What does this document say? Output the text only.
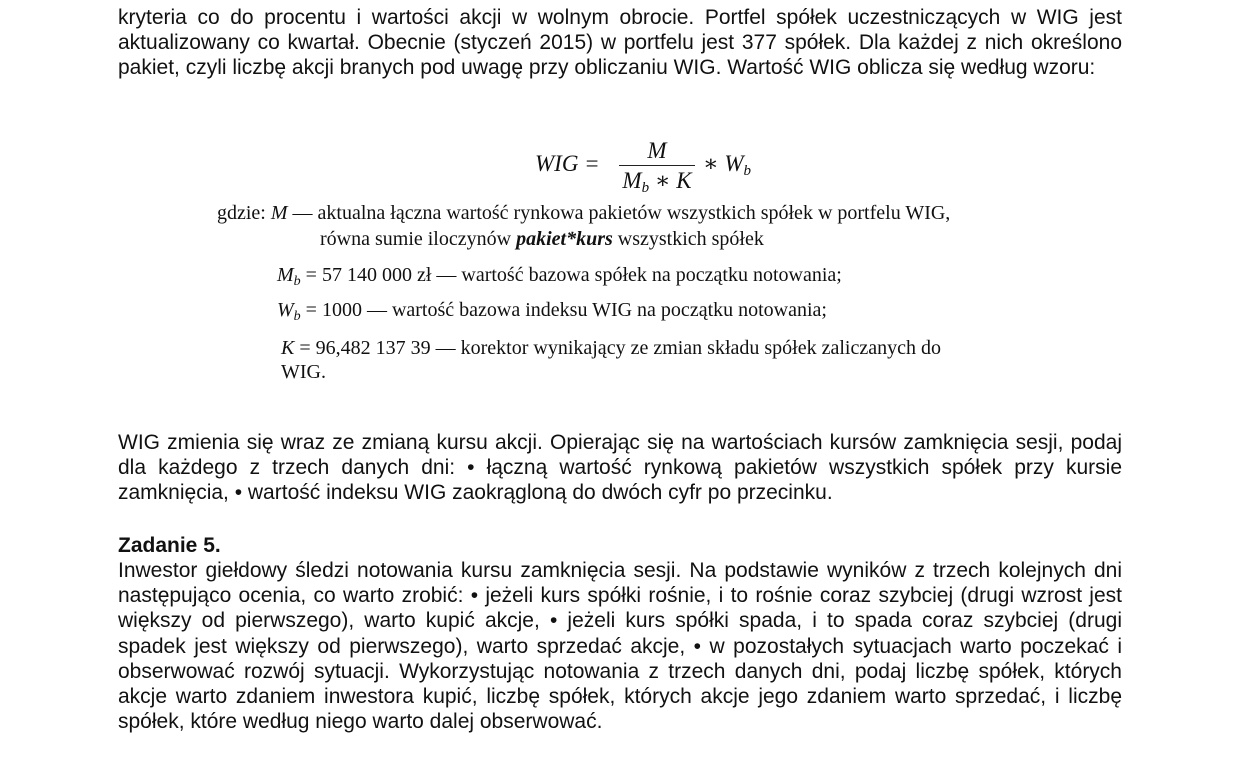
kryteria co do procentu i wartości akcji w wolnym obrocie. Portfel spółek uczestniczących w WIG jest aktualizowany co kwartał. Obecnie (styczeń 2015) w portfelu jest 377 spółek. Dla każdej z nich określono pakiet, czyli liczbę akcji branych pod uwagę przy obliczaniu WIG. Wartość WIG oblicza się według wzoru:
WIG =
M
$M_b$ ∗ K
∗ $W_b$
gdzie: M — aktualna łączna wartość rynkowa pakietów wszystkich spółek w portfelu WIG,
równa sumie iloczynów pakiet*kurs wszystkich spółek
$M_b = 57$ 140 000 zł — wartość bazowa spółek na początku notowania;
$W_b = 1000$ — wartość bazowa indeksu WIG na początku notowania;
K = 96,482 137 39 — korektor wynikający ze zmian składu spółek zaliczanych do
WIG.
WIG zmienia się wraz ze zmianą kursu akcji. Opierając się na wartościach kursów zamknięcia sesji, podaj dla każdego z trzech danych dni: • łączną wartość rynkową pakietów wszystkich spółek przy kursie zamknięcia, • wartość indeksu WIG zaokrągloną do dwóch cyfr po przecinku.
Zadanie 5.
Inwestor giełdowy śledzi notowania kursu zamknięcia sesji. Na podstawie wyników z trzech kolejnych dni następująco ocenia, co warto zrobić: • jeżeli kurs spółki rośnie, i to rośnie coraz szybciej (drugi wzrost jest większy od pierwszego), warto kupić akcje, • jeżeli kurs spółki spada, i to spada coraz szybciej (drugi spadek jest większy od pierwszego), warto sprzedać akcje, • w pozostałych sytuacjach warto poczekać i obserwować rozwój sytuacji. Wykorzystując notowania z trzech danych dni, podaj liczbę spółek, których akcje warto zdaniem inwestora kupić, liczbę spółek, których akcje jego zdaniem warto sprzedać, i liczbę spółek, które według niego warto dalej obserwować.
